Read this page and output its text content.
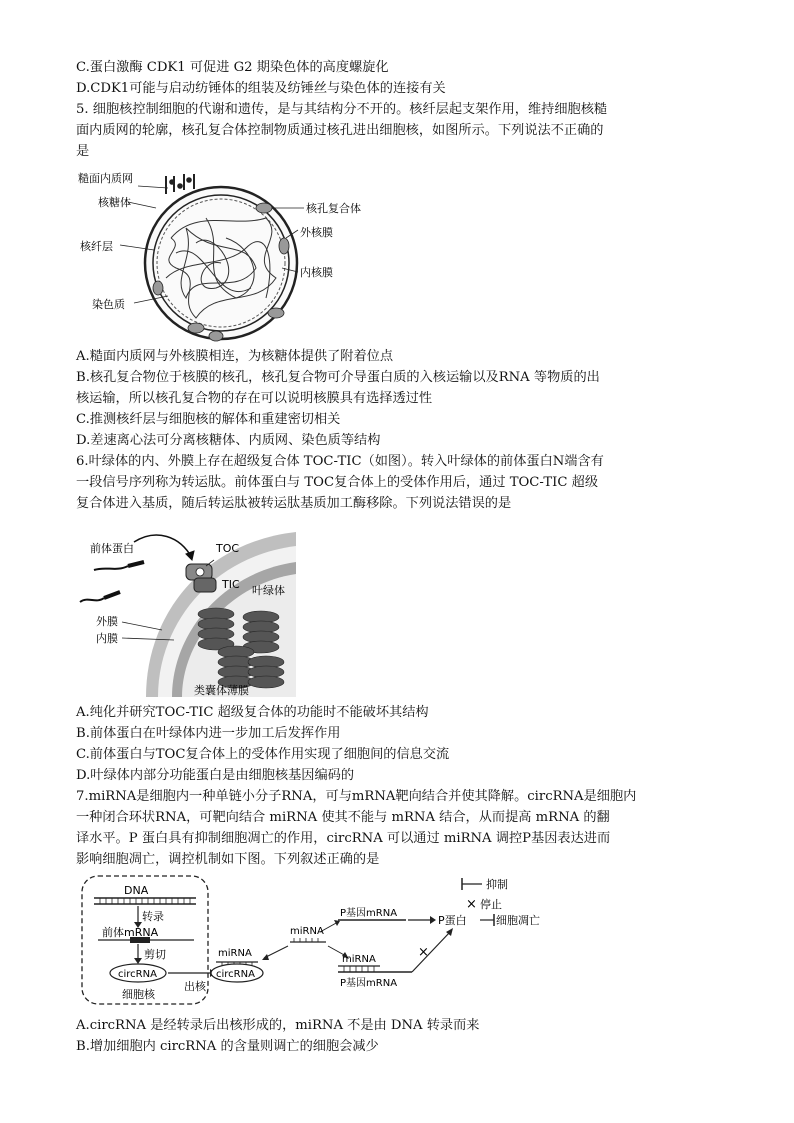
C.蛋白激酶 CDK1 可促进 G2 期染色体的高度螺旋化
D.CDK1可能与启动纺锤体的组装及纺锤丝与染色体的连接有关
5. 细胞核控制细胞的代谢和遗传，是与其结构分不开的。核纤层起支架作用，维持细胞核糙
面内质网的轮廓，核孔复合体控制物质通过核孔进出细胞核，如图所示。下列说法不正确的
是
糙面内质网
核糖体
核纤层
染色质
核孔复合体
外核膜
内核膜
A.糙面内质网与外核膜相连，为核糖体提供了附着位点
B.核孔复合物位于核膜的核孔，核孔复合物可介导蛋白质的入核运输以及RNA 等物质的出
核运输，所以核孔复合物的存在可以说明核膜具有选择透过性
C.推测核纤层与细胞核的解体和重建密切相关
D.差速离心法可分离核糖体、内质网、染色质等结构
6.叶绿体的内、外膜上存在超级复合体 TOC-TIC（如图）。转入叶绿体的前体蛋白N端含有
一段信号序列称为转运肽。前体蛋白与 TOC复合体上的受体作用后，通过 TOC-TIC 超级
复合体进入基质，随后转运肽被转运肽基质加工酶移除。下列说法错误的是
前体蛋白	TOC
TIC 叶绿体
外膜
内膜
类囊体薄膜
A.纯化并研究TOC-TIC 超级复合体的功能时不能破坏其结构
B.前体蛋白在叶绿体内进一步加工后发挥作用
C.前体蛋白与TOC复合体上的受体作用实现了细胞间的信息交流
D.叶绿体内部分功能蛋白是由细胞核基因编码的
7.miRNA是细胞内一种单链小分子RNA，可与mRNA靶向结合并使其降解。circRNA是细胞内
一种闭合环状RNA，可靶向结合 miRNA 使其不能与 mRNA 结合，从而提高 mRNA 的翻
译水平。P 蛋白具有抑制细胞凋亡的作用，circRNA 可以通过 miRNA 调控P基因表达进而
影响细胞凋亡，调控机制如下图。下列叙述正确的是
×
×
DNA
转录
前体mRNA
剪切
circRNA
细胞核
出核
miRNA
circRNA
miRNA
P基因mRNA
miRNA
P基因mRNA
P蛋白	细胞凋亡
抑制
停止
A.circRNA 是经转录后出核形成的，miRNA 不是由 DNA 转录而来
B.增加细胞内 circRNA 的含量则调亡的细胞会减少
